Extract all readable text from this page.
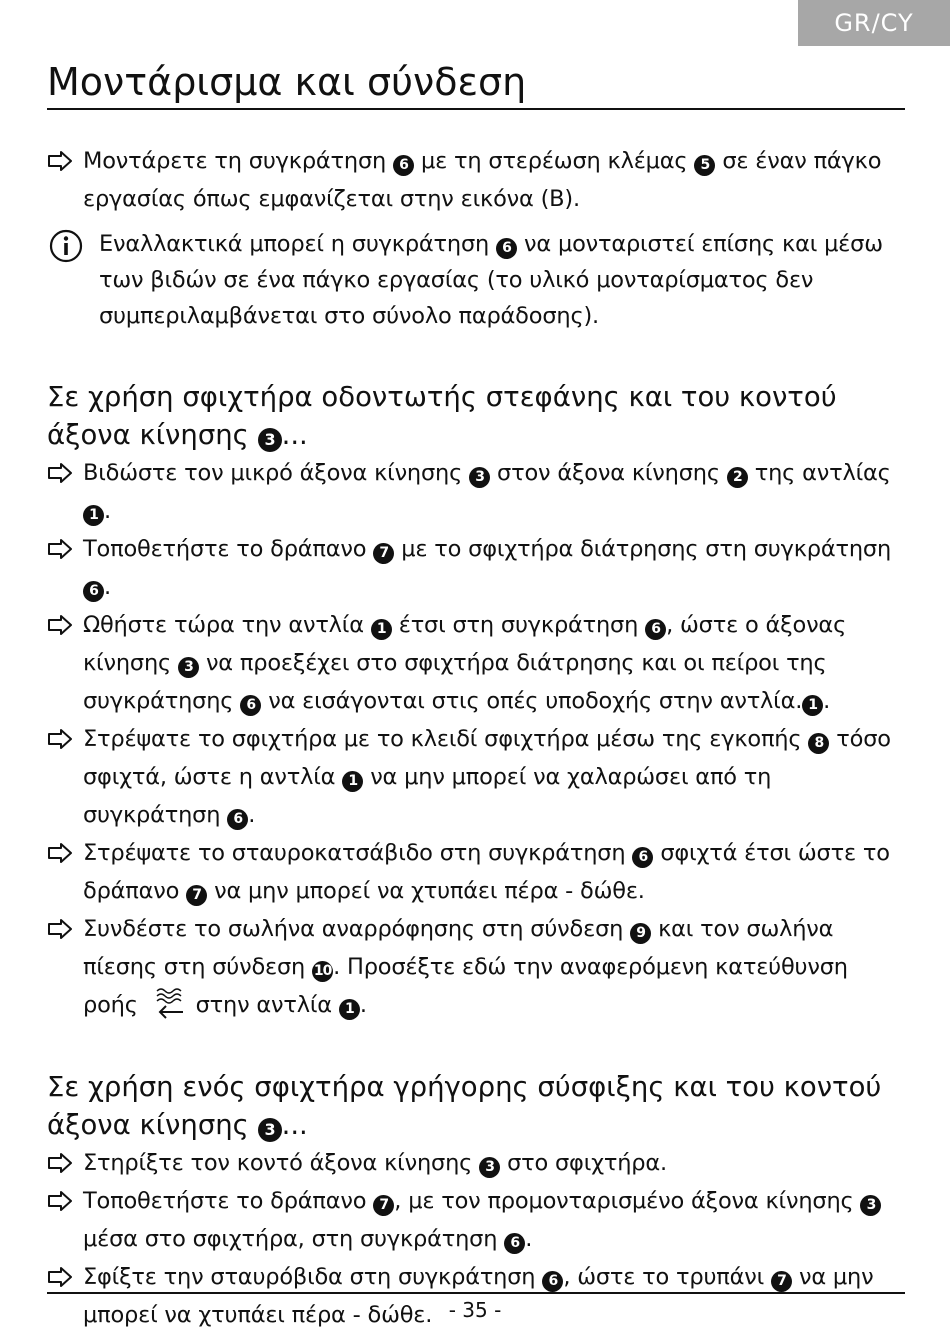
GR/CY
Μοντάρισμα και σύνδεση
Μοντάρετε τη συγκράτηση 6 με τη στερέωση κλέμας 5 σε έναν πάγκο εργασίας όπως εμφανίζεται στην εικόνα (B).
Εναλλακτικά μπορεί η συγκράτηση 6 να μονταριστεί επίσης και μέσω των βιδών σε ένα πάγκο εργασίας (το υλικό μονταρίσματος δεν συμπεριλαμβάνεται στο σύνολο παράδοσης).
Σε χρήση σφιχτήρα οδοντωτής στεφάνης και του κοντού άξονα κίνησης 3 ...
Βιδώστε τον μικρό άξονα κίνησης 3 στον άξονα κίνησης 2 της αντλίας 1 .
Τοποθετήστε το δράπανο 7 με το σφιχτήρα διάτρησης στη συγκράτηση 6 .
Ωθήστε τώρα την αντλία 1 έτσι στη συγκράτηση 6 , ώστε ο άξονας κίνησης 3 να προεξέχει στο σφιχτήρα διάτρησης και οι πείροι της συγκράτησης 6 να εισάγονται στις οπές υποδοχής στην αντλία. 1 .
Στρέψατε το σφιχτήρα με το κλειδί σφιχτήρα μέσω της εγκοπής 8 τόσο σφιχτά, ώστε η αντλία 1 να μην μπορεί να χαλαρώσει από τη συγκράτηση 6 .
Στρέψατε το σταυροκατσάβιδο στη συγκράτηση 6 σφιχτά έτσι ώστε το δράπανο 7 να μην μπορεί να χτυπάει πέρα - δώθε.
Συνδέστε το σωλήνα αναρρόφησης στη σύνδεση 9 και τον σωλήνα πίεσης στη σύνδεση 10. Προσέξτε εδώ την αναφερόμενη κατεύθυνση ροής	στην αντλία 1 .
Σε χρήση ενός σφιχτήρα γρήγορης σύσφιξης και του κοντού άξονα κίνησης 3 ...
Στηρίξτε τον κοντό άξονα κίνησης 3 στο σφιχτήρα.
Τοποθετήστε το δράπανο 7 , με τον προμονταρισμένο άξονα κίνησης 3 μέσα στο σφιχτήρα, στη συγκράτηση 6 .
Σφίξτε την σταυρόβιδα στη συγκράτηση 6 , ώστε το τρυπάνι 7 να μην μπορεί να χτυπάει πέρα - δώθε. - 35 -
